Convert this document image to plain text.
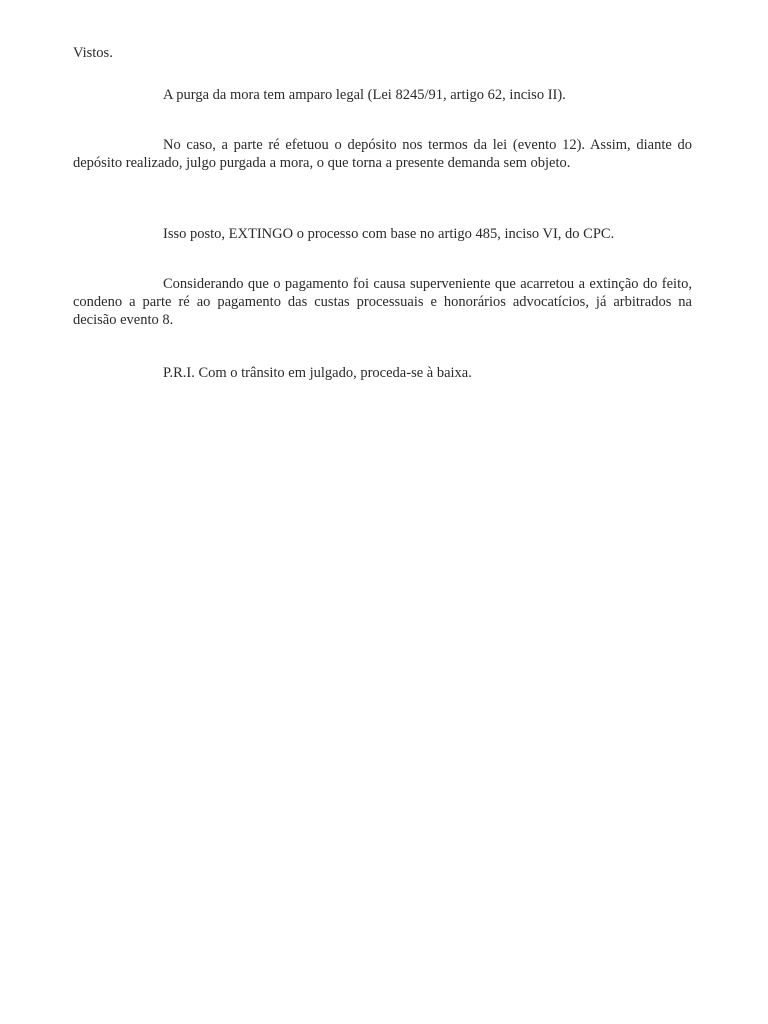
Vistos.

A purga da mora tem amparo legal (Lei 8245/91, artigo 62, inciso II).

No caso, a parte ré efetuou o depósito nos termos da lei (evento 12). Assim, diante do depósito realizado, julgo purgada a mora, o que torna a presente demanda sem objeto.

Isso posto, EXTINGO o processo com base no artigo 485, inciso VI, do CPC.

Considerando que o pagamento foi causa superveniente que acarretou a extinção do feito, condeno a parte ré ao pagamento das custas processuais e honorários advocatícios, já arbitrados na decisão evento 8.

P.R.I. Com o trânsito em julgado, proceda-se à baixa.
